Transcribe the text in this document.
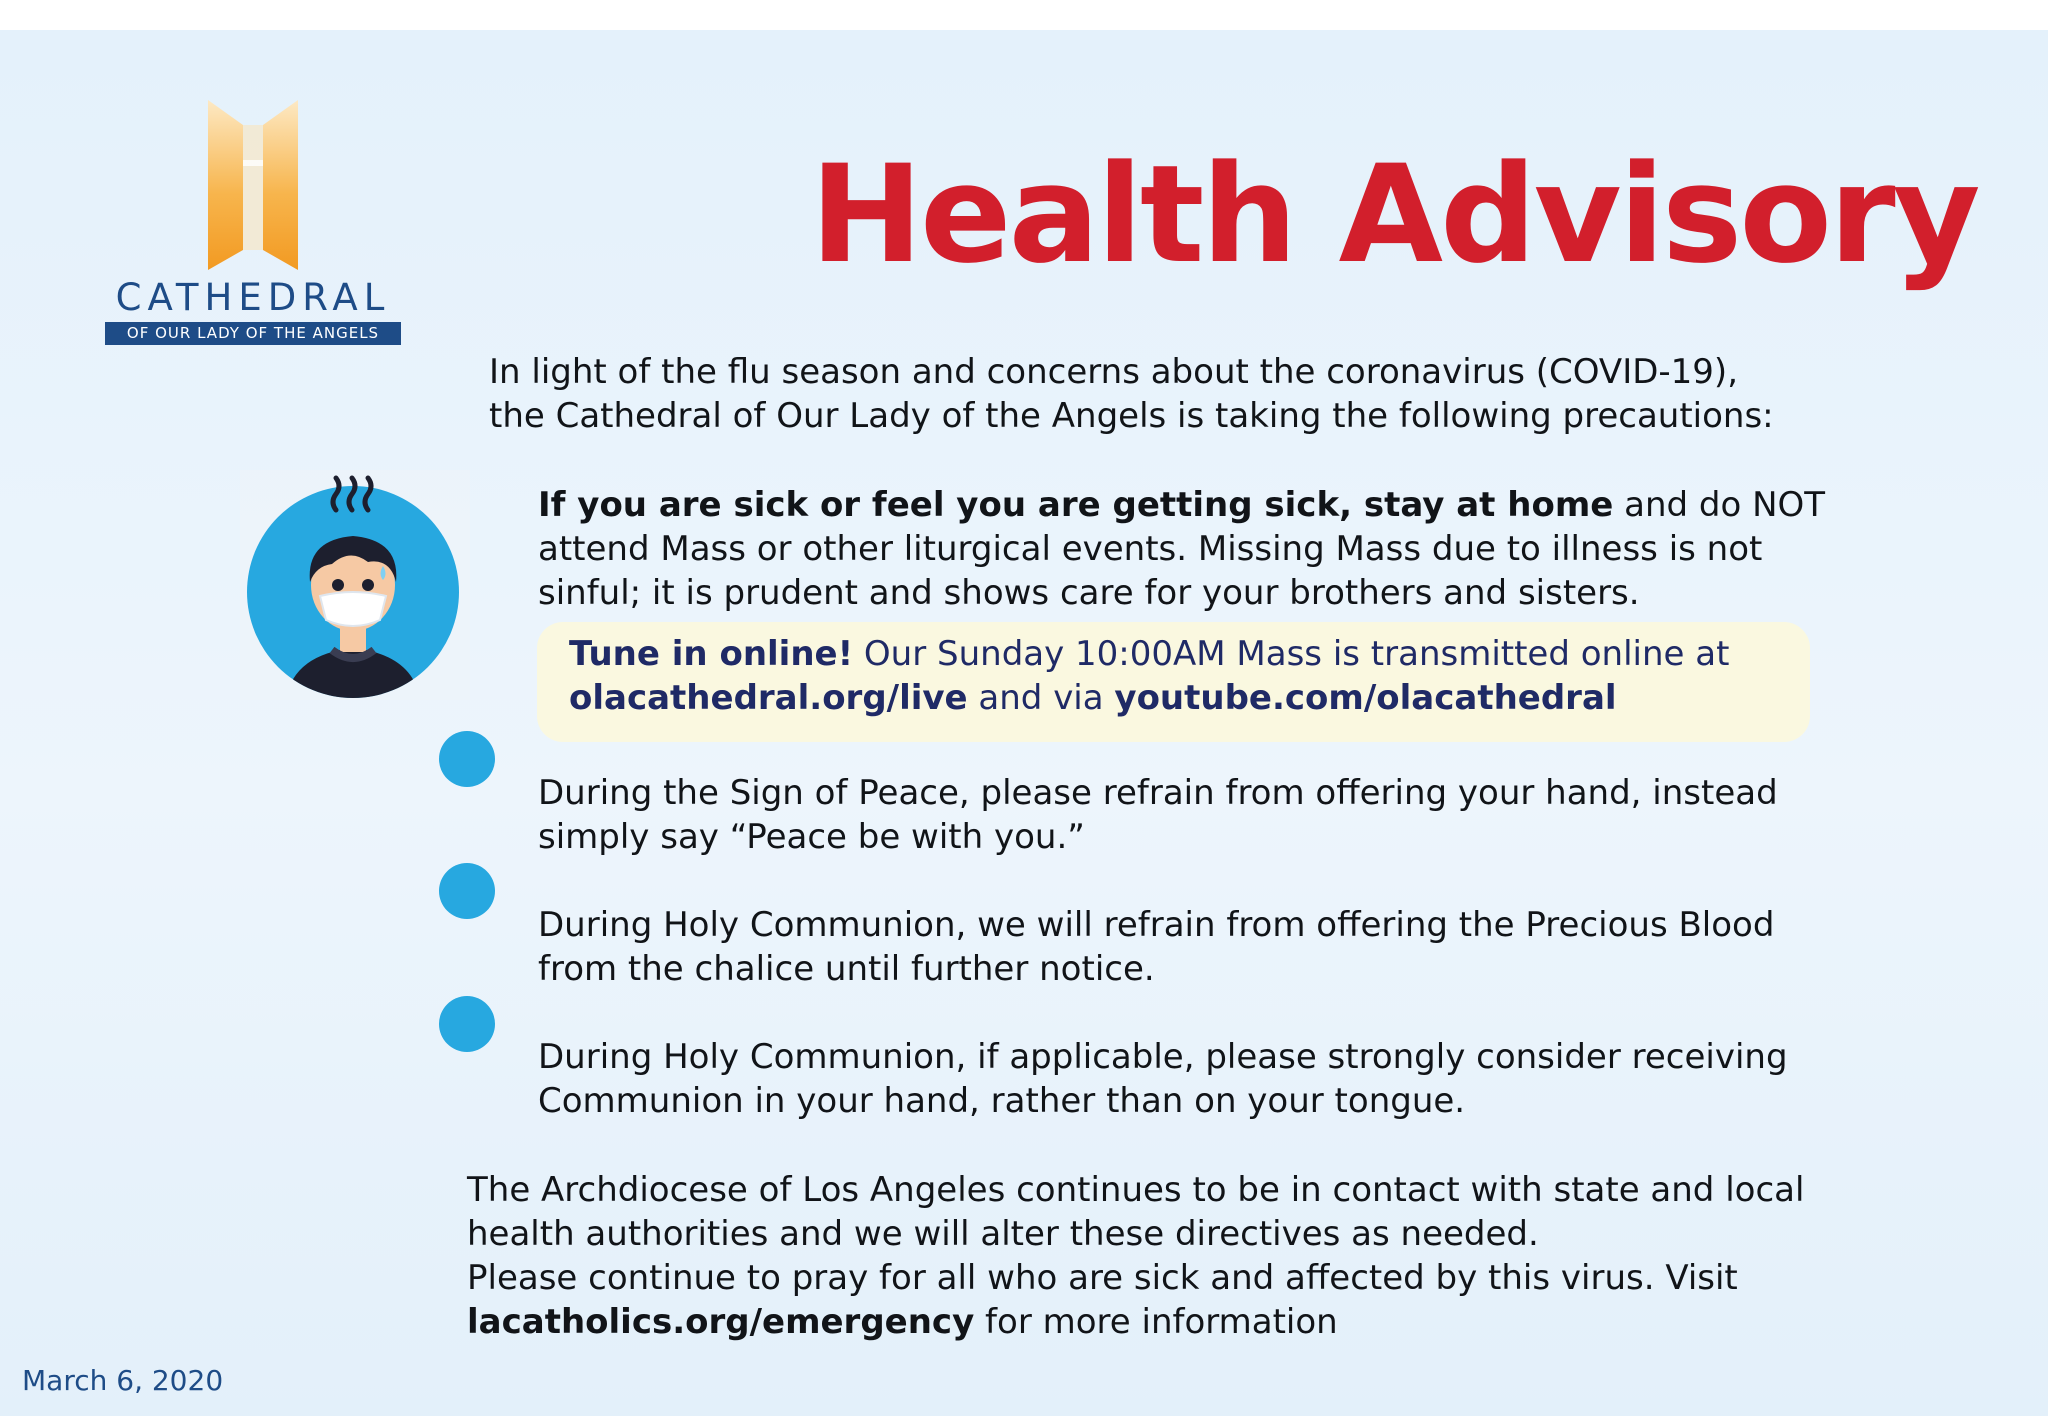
CATHEDRAL
OF OUR LADY OF THE ANGELS
Health Advisory
In light of the flu season and concerns about the coronavirus (COVID-19),
the Cathedral of Our Lady of the Angels is taking the following precautions:
If you are sick or feel you are getting sick, stay at home and do NOT
attend Mass or other liturgical events. Missing Mass due to illness is not
sinful; it is prudent and shows care for your brothers and sisters.
Tune in online! Our Sunday 10:00AM Mass is transmitted online at
olacathedral.org/live and via youtube.com/olacathedral
During the Sign of Peace, please refrain from offering your hand, instead
simply say “Peace be with you.”
During Holy Communion, we will refrain from offering the Precious Blood
from the chalice until further notice.
During Holy Communion, if applicable, please strongly consider receiving
Communion in your hand, rather than on your tongue.
The Archdiocese of Los Angeles continues to be in contact with state and local
health authorities and we will alter these directives as needed.
Please continue to pray for all who are sick and affected by this virus. Visit
lacatholics.org/emergency for more information
March 6, 2020
